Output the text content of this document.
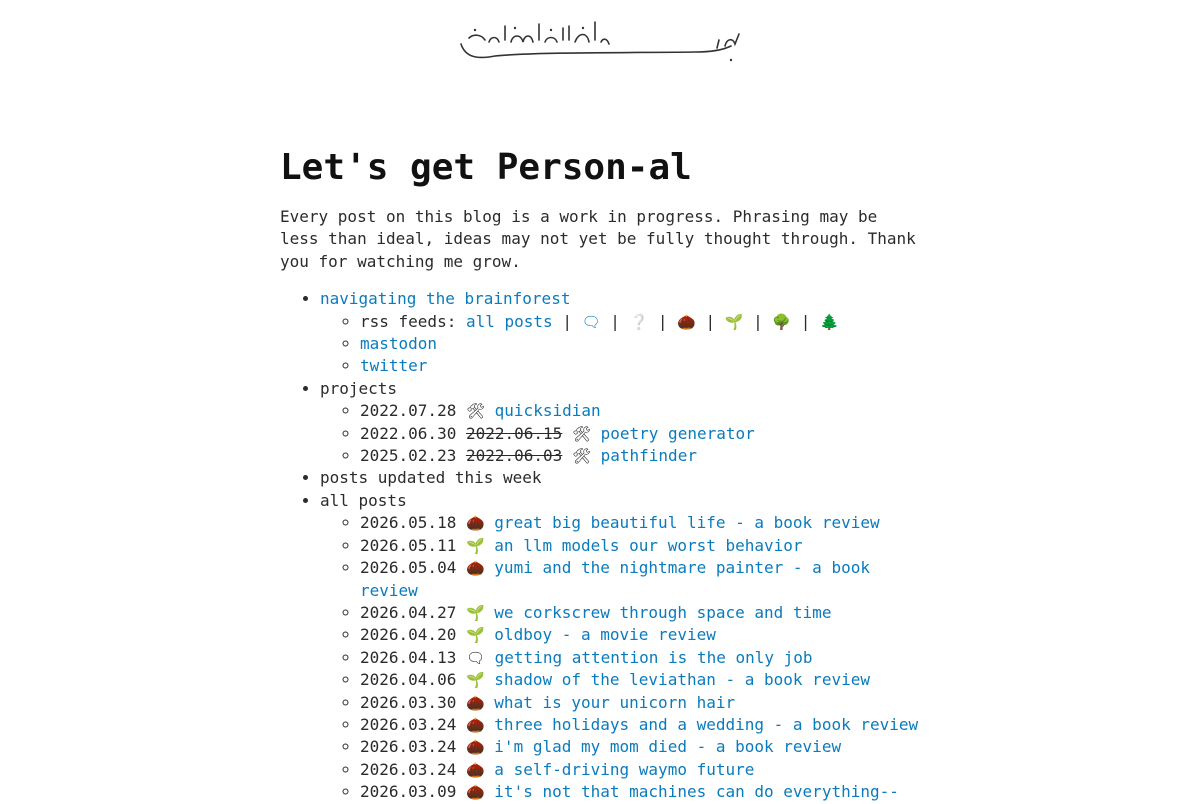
Let's get Person-al

Every post on this blog is a work in progress. Phrasing may be less than ideal, ideas may not yet be fully thought through. Thank you for watching me grow.

• navigating the brainforest
◦ rss feeds: all posts | 🗨 | ❔ | 🌰 | 🌱 | 🌳 | 🌲
◦ mastodon
◦ twitter
• projects
◦ 2022.07.28 🛠 quicksidian
◦ 2022.06.30 2022.06.15 🛠 poetry generator
◦ 2025.02.23 2022.06.03 🛠 pathfinder
• posts updated this week
• all posts
◦ 2026.05.18 🌰 great big beautiful life - a book review
◦ 2026.05.11 🌱 an llm models our worst behavior
◦ 2026.05.04 🌰 yumi and the nightmare painter - a book review
◦ 2026.04.27 🌱 we corkscrew through space and time
◦ 2026.04.20 🌱 oldboy - a movie review
◦ 2026.04.13 🗨 getting attention is the only job
◦ 2026.04.06 🌱 shadow of the leviathan - a book review
◦ 2026.03.30 🌰 what is your unicorn hair
◦ 2026.03.24 🌰 three holidays and a wedding - a book review
◦ 2026.03.24 🌰 i'm glad my mom died - a book review
◦ 2026.03.24 🌰 a self-driving waymo future
◦ 2026.03.09 🌰 it's not that machines can do everything--
